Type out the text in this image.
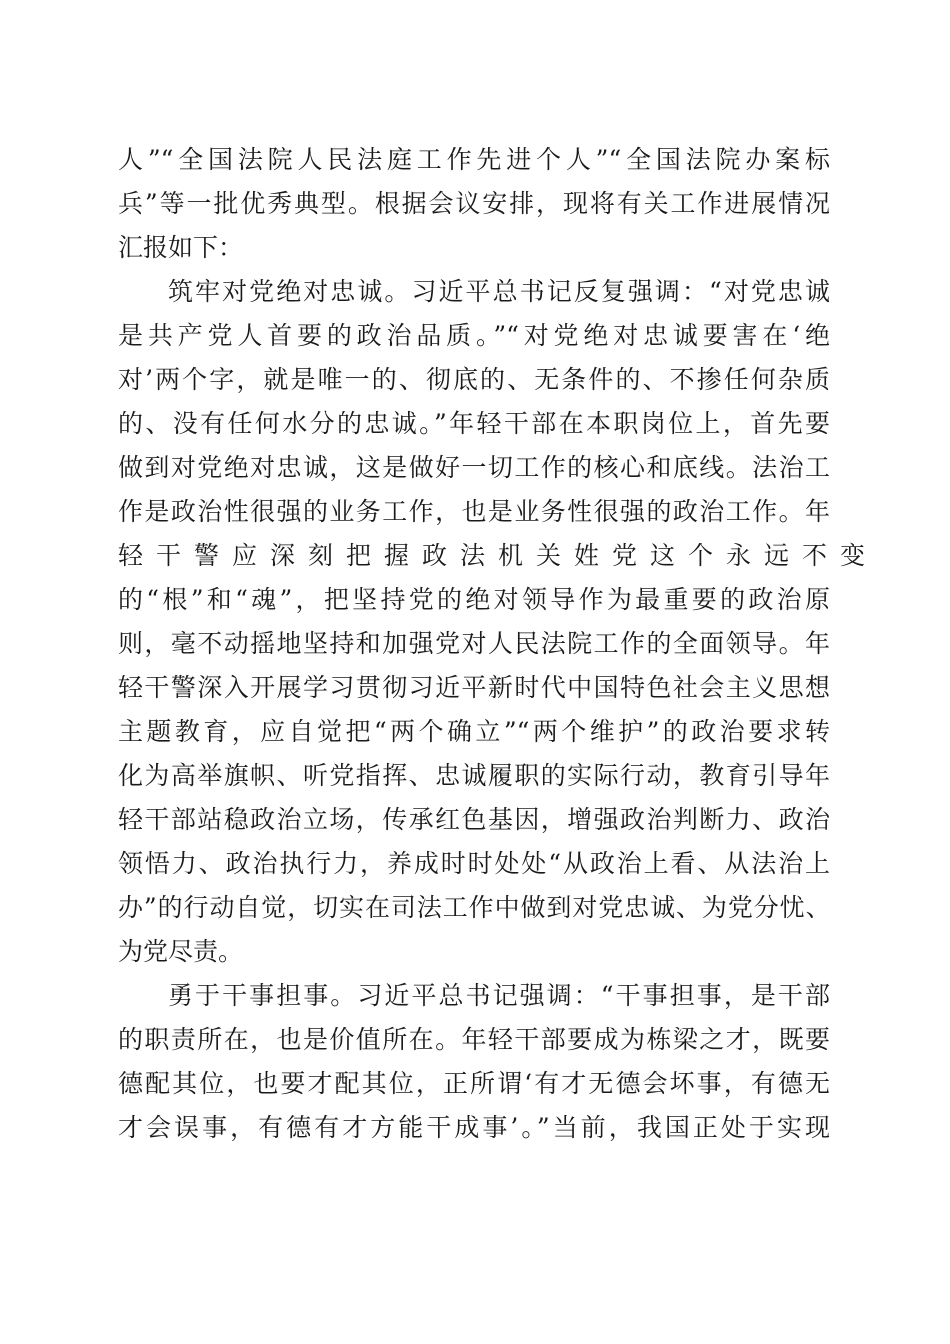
人”“全国法院人民法庭工作先进个人”“全国法院办案标
兵”等一批优秀典型。根据会议安排，现将有关工作进展情况
汇报如下：
筑牢对党绝对忠诚。习近平总书记反复强调：“对党忠诚
是共产党人首要的政治品质。”“对党绝对忠诚要害在‘绝
对’两个字，就是唯一的、彻底的、无条件的、不掺任何杂质
的、没有任何水分的忠诚。”年轻干部在本职岗位上，首先要
做到对党绝对忠诚，这是做好一切工作的核心和底线。法治工
作是政治性很强的业务工作，也是业务性很强的政治工作。年
轻干警应深刻把握政法机关姓党这个永远不变
的“根”和“魂”，把坚持党的绝对领导作为最重要的政治原
则，毫不动摇地坚持和加强党对人民法院工作的全面领导。年
轻干警深入开展学习贯彻习近平新时代中国特色社会主义思想
主题教育，应自觉把“两个确立”“两个维护”的政治要求转
化为高举旗帜、听党指挥、忠诚履职的实际行动，教育引导年
轻干部站稳政治立场，传承红色基因，增强政治判断力、政治
领悟力、政治执行力，养成时时处处“从政治上看、从法治上
办”的行动自觉，切实在司法工作中做到对党忠诚、为党分忧、
为党尽责。
勇于干事担事。习近平总书记强调：“干事担事，是干部
的职责所在，也是价值所在。年轻干部要成为栋梁之才，既要
德配其位，也要才配其位，正所谓‘有才无德会坏事，有德无
才会误事，有德有才方能干成事’。”当前，我国正处于实现
